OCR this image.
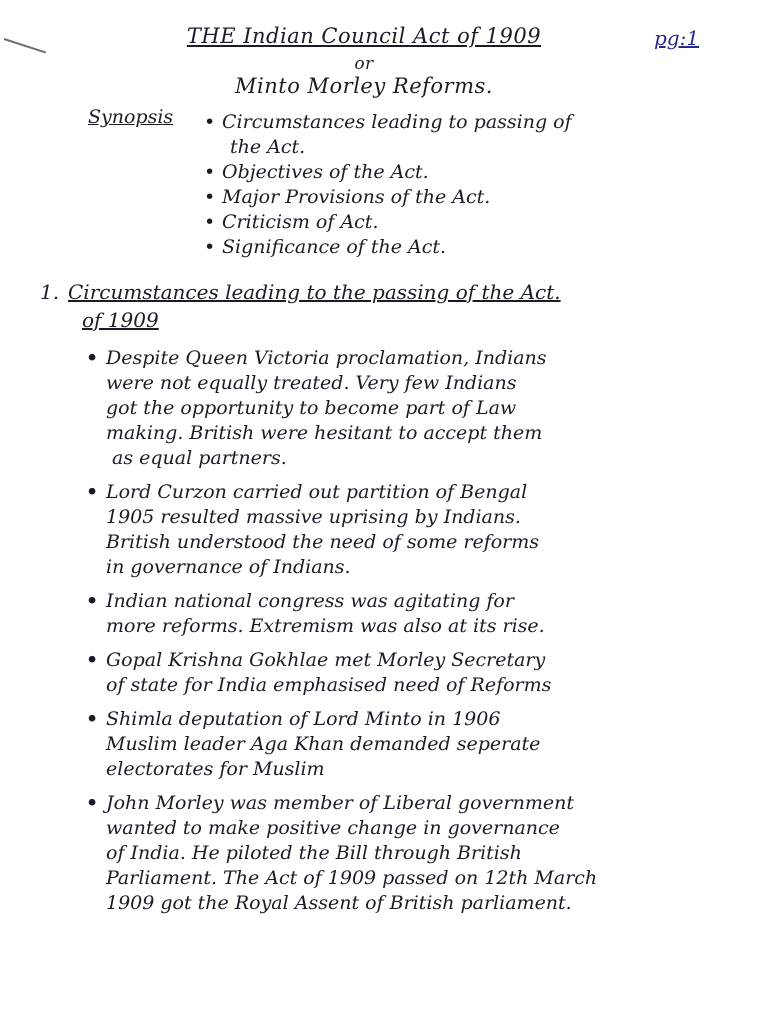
THE Indian Council Act of 1909
or
Minto Morley Reforms.
pg:1
Synopsis • Circumstances leading to passing of
the Act.
• Objectives of the Act.
• Major Provisions of the Act.
• Criticism of Act.
• Significance of the Act.
1. Circumstances leading to the passing of the Act.
of 1909
• Despite Queen Victoria proclamation, Indians
were not equally treated. Very few Indians
got the opportunity to become part of Law
making. British were hesitant to accept them
as equal partners.
• Lord Curzon carried out partition of Bengal
1905 resulted massive uprising by Indians.
British understood the need of some reforms
in governance of Indians.
• Indian national congress was agitating for
more reforms. Extremism was also at its rise.
• Gopal Krishna Gokhlae met Morley Secretary
of state for India emphasised need of Reforms
• Shimla deputation of Lord Minto in 1906
Muslim leader Aga Khan demanded seperate
electorates for Muslim
• John Morley was member of Liberal government
wanted to make positive change in governance
of India. He piloted the Bill through British
Parliament. The Act of 1909 passed on 12th March
1909 got the Royal Assent of British parliament.
